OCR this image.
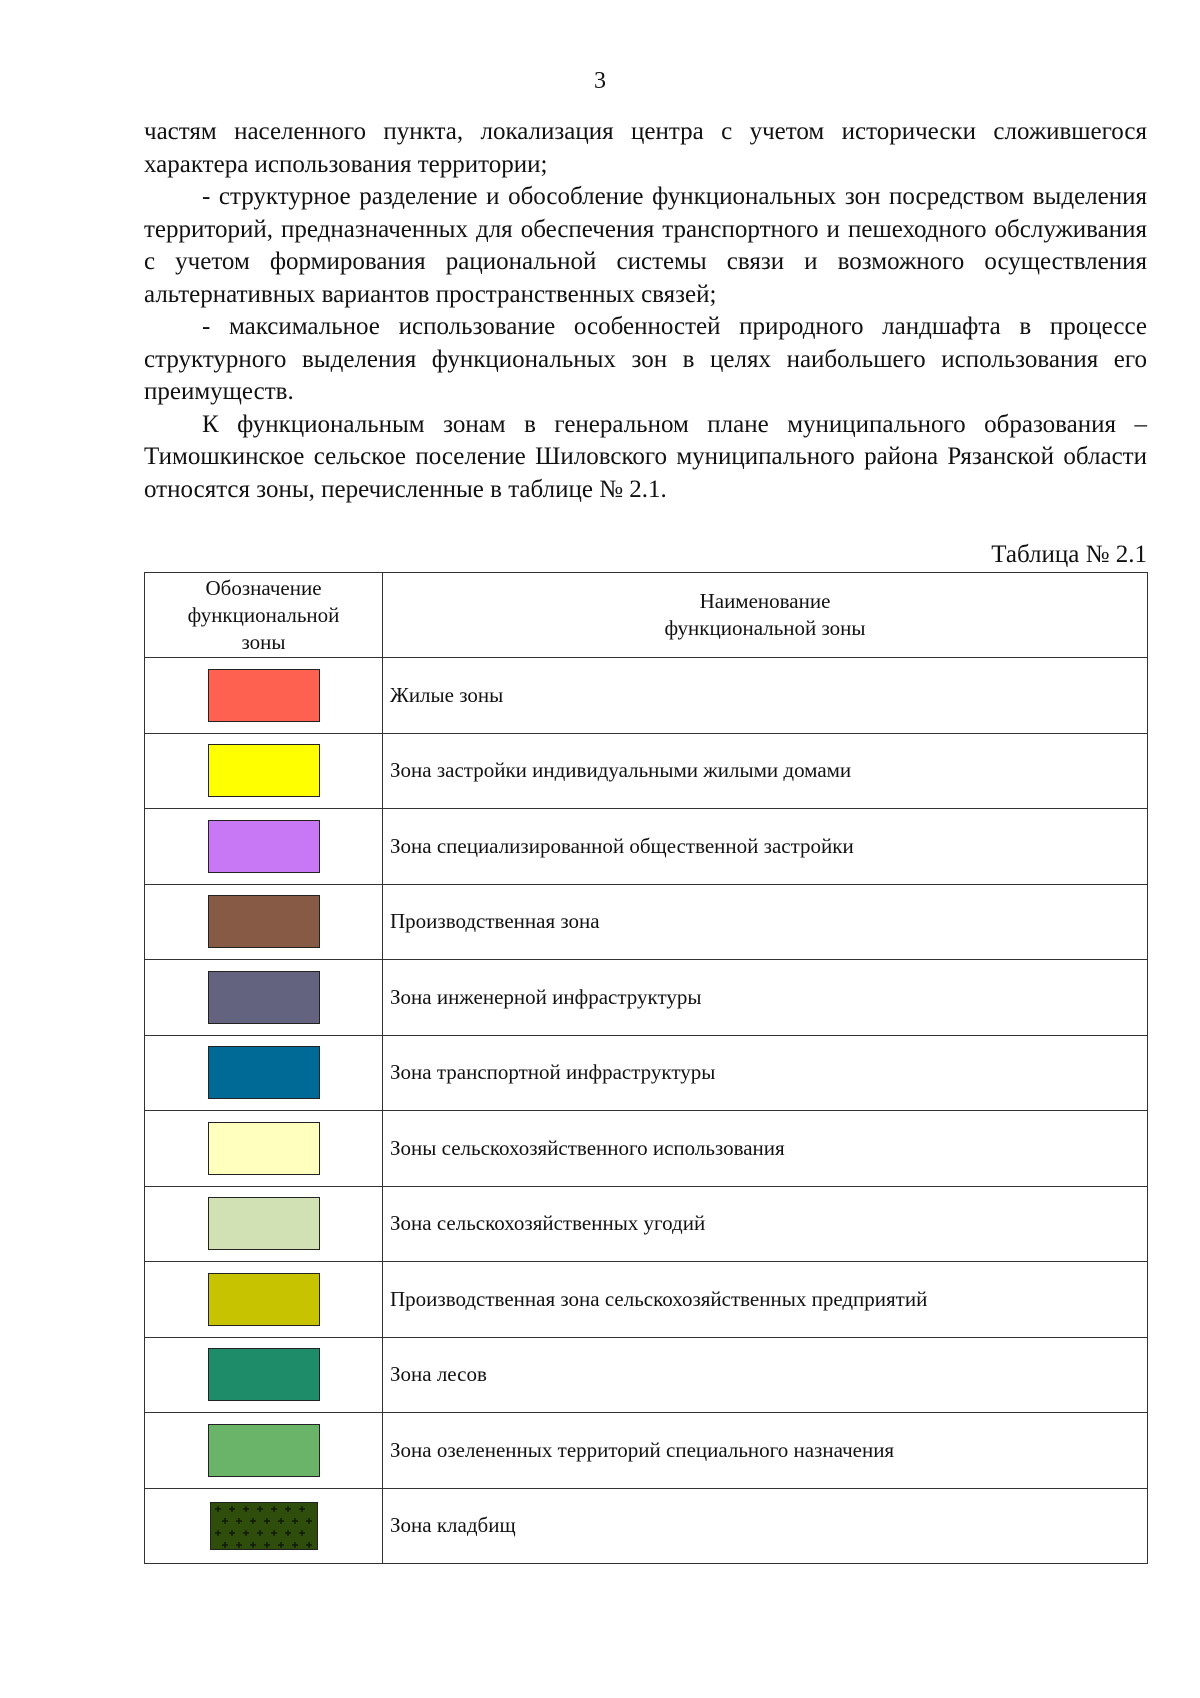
3

частям населенного пункта, локализация центра с учетом исторически сложившегося характера использования территории;

- структурное разделение и обособление функциональных зон посредством выделения территорий, предназначенных для обеспечения транспортного и пешеходного обслуживания с учетом формирования рациональной системы связи и возможного осуществления альтернативных вариантов пространственных связей;

- максимальное использование особенностей природного ландшафта в процессе структурного выделения функциональных зон в целях наибольшего использования его преимуществ.

К функциональным зонам в генеральном плане муниципального образования – Тимошкинское сельское поселение Шиловского муниципального района Рязанской области относятся зоны, перечисленные в таблице № 2.1.

Таблица № 2.1
Обозначение
функциональной
зоны	Наименование
функциональной зоны

	Жилые зоны
	Зона застройки индивидуальными жилыми домами
	Зона специализированной общественной застройки
	Производственная зона
	Зона инженерной инфраструктуры
	Зона транспортной инфраструктуры
	Зоны сельскохозяйственного использования
	Зона сельскохозяйственных угодий
	Производственная зона сельскохозяйственных предприятий
	Зона лесов
	Зона озелененных территорий специального назначения

	Зона кладбищ
